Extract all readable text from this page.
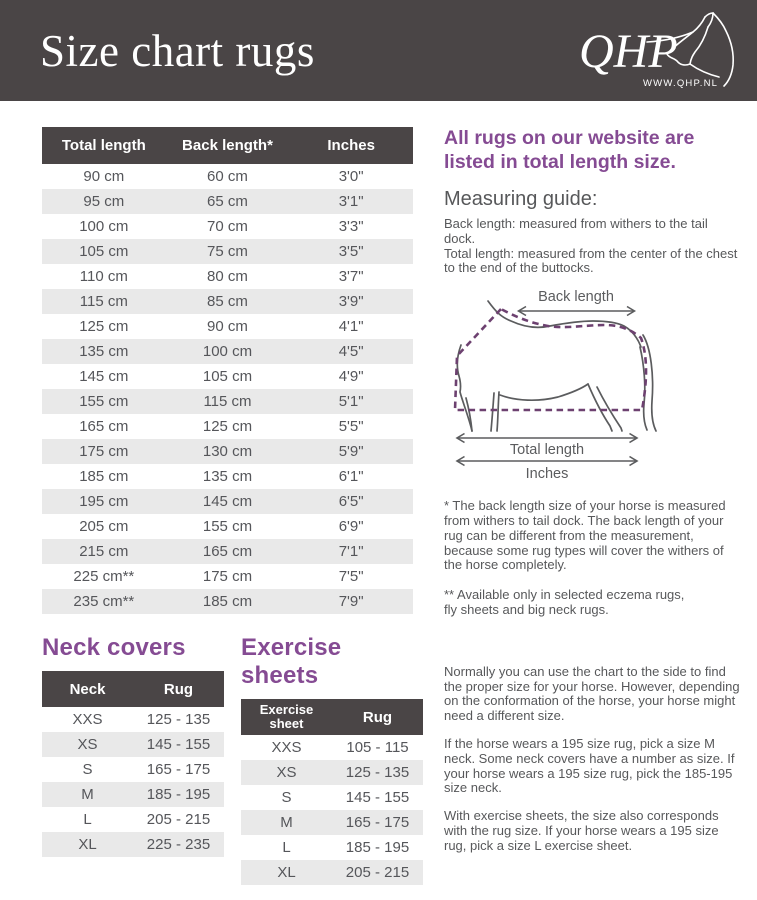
Size chart rugs	QHP
WWW.QHP.NL
Total length	Back length*	Inches
90 cm	60 cm	3'0"
95 cm	65 cm	3'1"
100 cm	70 cm	3'3"
105 cm	75 cm	3'5"
110 cm	80 cm	3'7"
115 cm	85 cm	3'9"
125 cm	90 cm	4'1"
135 cm	100 cm	4'5"
145 cm	105 cm	4'9"
155 cm	115 cm	5'1"
165 cm	125 cm	5'5"
175 cm	130 cm	5'9"
185 cm	135 cm	6'1"
195 cm	145 cm	6'5"
205 cm	155 cm	6'9"
215 cm	165 cm	7'1"
225 cm**	175 cm	7'5"
235 cm**	185 cm	7'9"
Neck covers
Neck	Rug
XXS	125 - 135
XS	145 - 155
S	165 - 175
M	185 - 195
L	205 - 215
XL	225 - 235
Exercise sheets
Exercise
sheet	Rug
XXS	105 - 115
XS	125 - 135
S	145 - 155
M	165 - 175
L	185 - 195
XL	205 - 215

All rugs on our website are listed in total length size.

Measuring guide:

Back length: measured from withers to the tail dock.
Total length: measured from the center of the chest to the end of the buttocks.

Back length
Total length
Inches

* The back length size of your horse is measured from withers to tail dock. The back length of your rug can be different from the measurement, because some rug types will cover the withers of the horse completely.

** Available only in selected eczema rugs,
fly sheets and big neck rugs.

Normally you can use the chart to the side to find the proper size for your horse. However, depending on the conformation of the horse, your horse might need a different size.

If the horse wears a 195 size rug, pick a size M neck. Some neck covers have a number as size. If your horse wears a 195 size rug, pick the 185-195 size neck.

With exercise sheets, the size also corresponds with the rug size. If your horse wears a 195 size rug, pick a size L exercise sheet.
